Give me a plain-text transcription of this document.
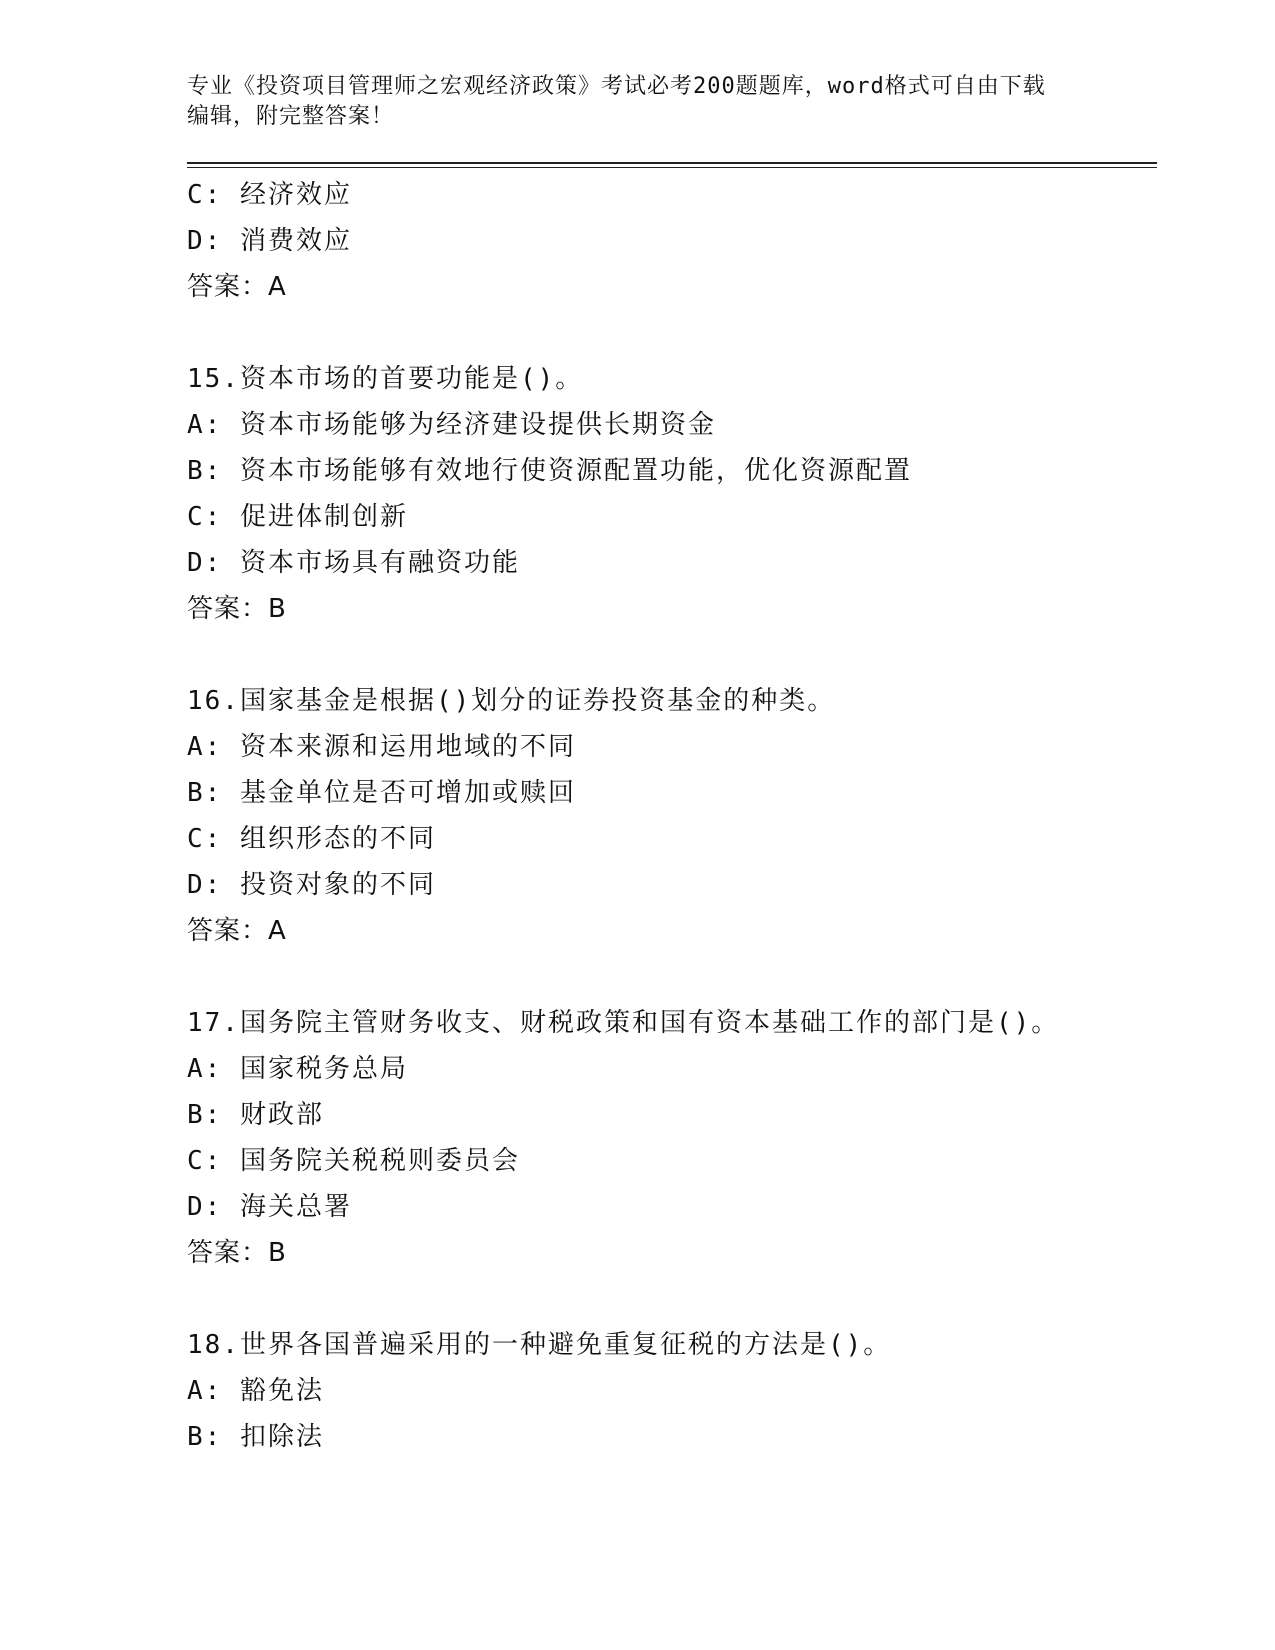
专业《投资项目管理师之宏观经济政策》考试必考200题题库，word格式可自由下载编辑，附完整答案！

C: 经济效应
D: 消费效应
答案：A
15.资本市场的首要功能是()。
A: 资本市场能够为经济建设提供长期资金
B: 资本市场能够有效地行使资源配置功能，优化资源配置
C: 促进体制创新
D: 资本市场具有融资功能
答案：B
16.国家基金是根据()划分的证券投资基金的种类。
A: 资本来源和运用地域的不同
B: 基金单位是否可增加或赎回
C: 组织形态的不同
D: 投资对象的不同
答案：A
17.国务院主管财务收支、财税政策和国有资本基础工作的部门是()。
A: 国家税务总局
B: 财政部
C: 国务院关税税则委员会
D: 海关总署
答案：B
18.世界各国普遍采用的一种避免重复征税的方法是()。
A: 豁免法
B: 扣除法
